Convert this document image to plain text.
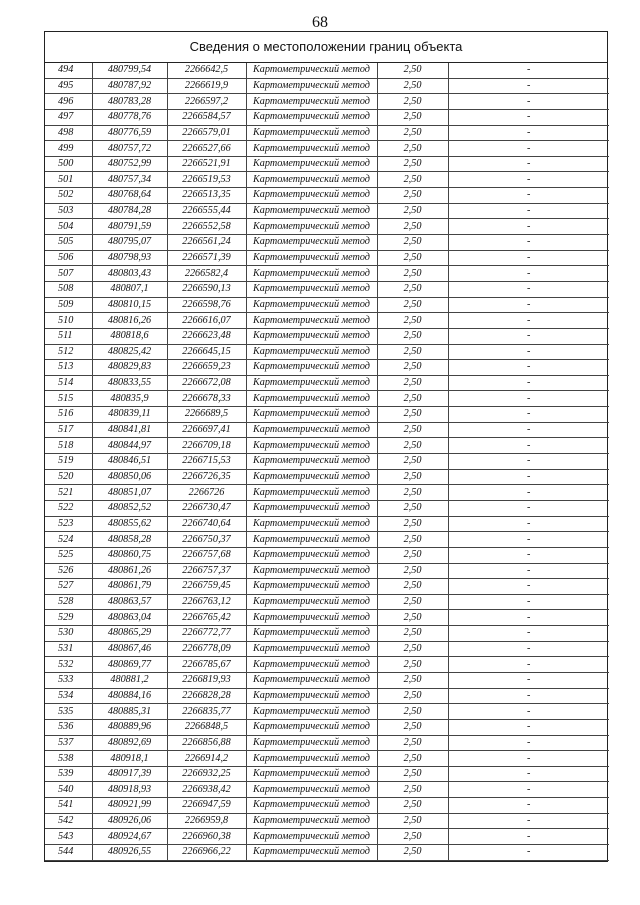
68
Сведения о местоположении границ объекта
494	480799,54	2266642,5	Картометрический метод	2,50	-
495	480787,92	2266619,9	Картометрический метод	2,50	-
496	480783,28	2266597,2	Картометрический метод	2,50	-
497	480778,76	2266584,57	Картометрический метод	2,50	-
498	480776,59	2266579,01	Картометрический метод	2,50	-
499	480757,72	2266527,66	Картометрический метод	2,50	-
500	480752,99	2266521,91	Картометрический метод	2,50	-
501	480757,34	2266519,53	Картометрический метод	2,50	-
502	480768,64	2266513,35	Картометрический метод	2,50	-
503	480784,28	2266555,44	Картометрический метод	2,50	-
504	480791,59	2266552,58	Картометрический метод	2,50	-
505	480795,07	2266561,24	Картометрический метод	2,50	-
506	480798,93	2266571,39	Картометрический метод	2,50	-
507	480803,43	2266582,4	Картометрический метод	2,50	-
508	480807,1	2266590,13	Картометрический метод	2,50	-
509	480810,15	2266598,76	Картометрический метод	2,50	-
510	480816,26	2266616,07	Картометрический метод	2,50	-
511	480818,6	2266623,48	Картометрический метод	2,50	-
512	480825,42	2266645,15	Картометрический метод	2,50	-
513	480829,83	2266659,23	Картометрический метод	2,50	-
514	480833,55	2266672,08	Картометрический метод	2,50	-
515	480835,9	2266678,33	Картометрический метод	2,50	-
516	480839,11	2266689,5	Картометрический метод	2,50	-
517	480841,81	2266697,41	Картометрический метод	2,50	-
518	480844,97	2266709,18	Картометрический метод	2,50	-
519	480846,51	2266715,53	Картометрический метод	2,50	-
520	480850,06	2266726,35	Картометрический метод	2,50	-
521	480851,07	2266726	Картометрический метод	2,50	-
522	480852,52	2266730,47	Картометрический метод	2,50	-
523	480855,62	2266740,64	Картометрический метод	2,50	-
524	480858,28	2266750,37	Картометрический метод	2,50	-
525	480860,75	2266757,68	Картометрический метод	2,50	-
526	480861,26	2266757,37	Картометрический метод	2,50	-
527	480861,79	2266759,45	Картометрический метод	2,50	-
528	480863,57	2266763,12	Картометрический метод	2,50	-
529	480863,04	2266765,42	Картометрический метод	2,50	-
530	480865,29	2266772,77	Картометрический метод	2,50	-
531	480867,46	2266778,09	Картометрический метод	2,50	-
532	480869,77	2266785,67	Картометрический метод	2,50	-
533	480881,2	2266819,93	Картометрический метод	2,50	-
534	480884,16	2266828,28	Картометрический метод	2,50	-
535	480885,31	2266835,77	Картометрический метод	2,50	-
536	480889,96	2266848,5	Картометрический метод	2,50	-
537	480892,69	2266856,88	Картометрический метод	2,50	-
538	480918,1	2266914,2	Картометрический метод	2,50	-
539	480917,39	2266932,25	Картометрический метод	2,50	-
540	480918,93	2266938,42	Картометрический метод	2,50	-
541	480921,99	2266947,59	Картометрический метод	2,50	-
542	480926,06	2266959,8	Картометрический метод	2,50	-
543	480924,67	2266960,38	Картометрический метод	2,50	-
544	480926,55	2266966,22	Картометрический метод	2,50	-
